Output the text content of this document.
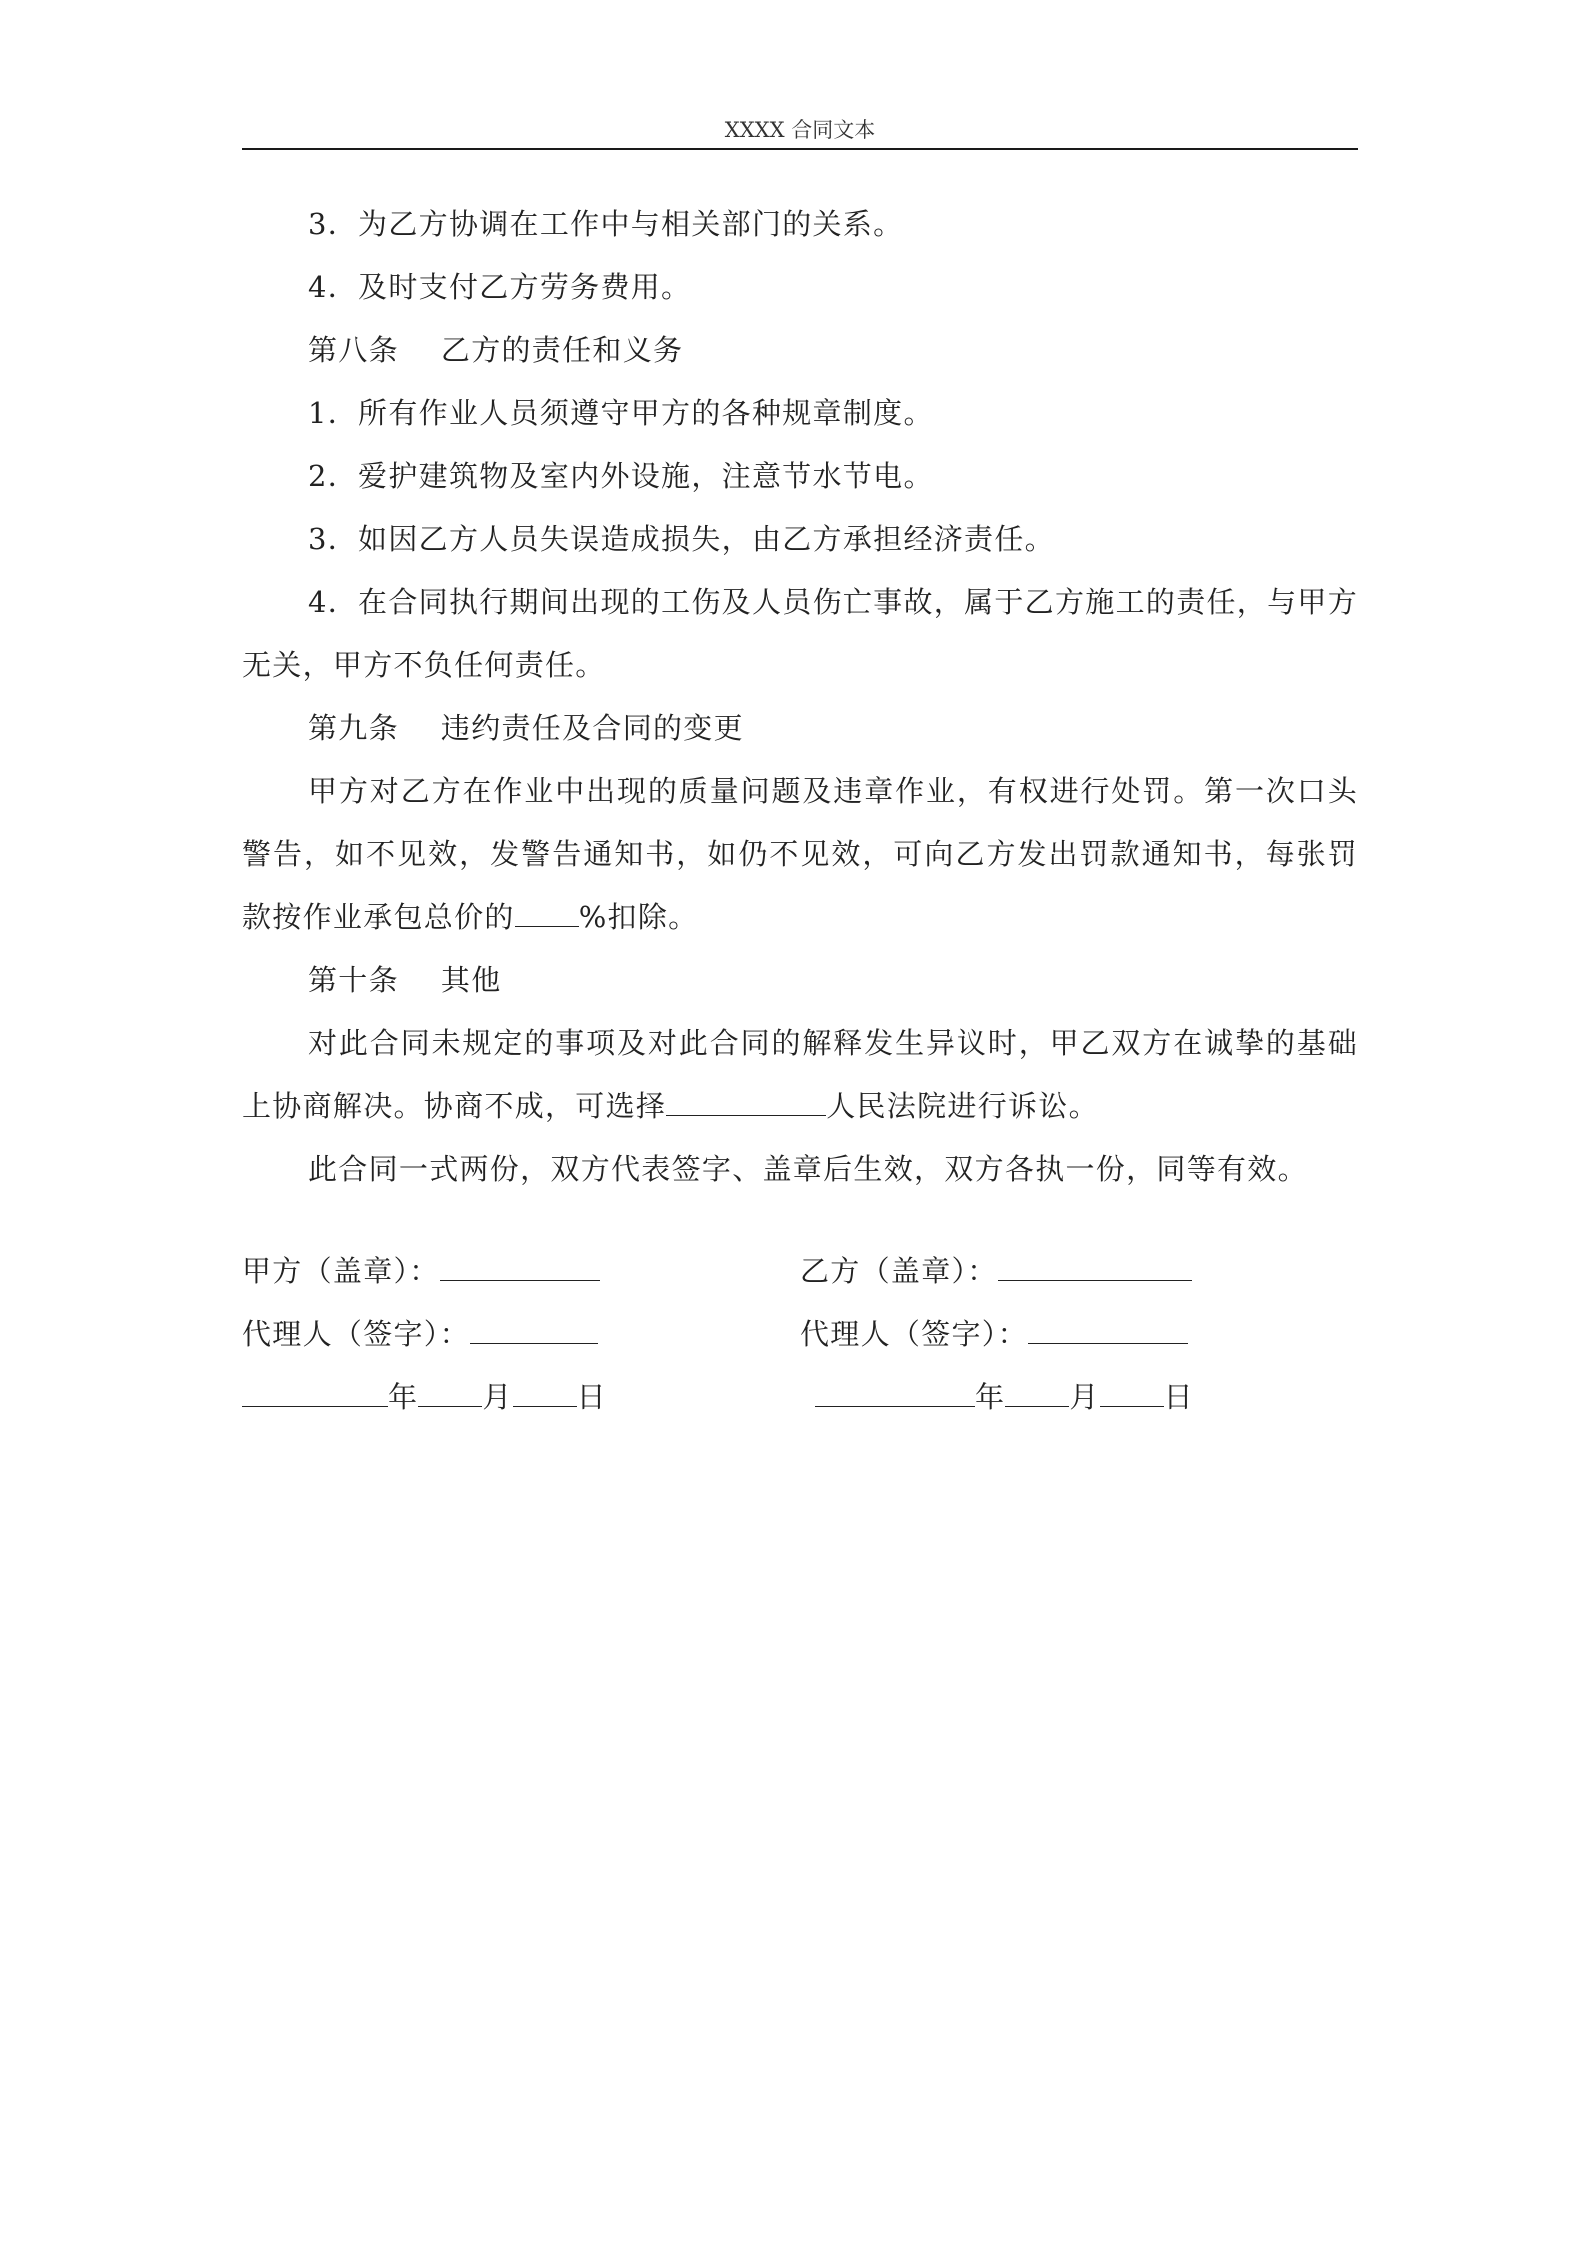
XXXX 合同文本

3．为乙方协调在工作中与相关部门的关系。

4．及时支付乙方劳务费用。

第八条 乙方的责任和义务

1．所有作业人员须遵守甲方的各种规章制度。

2．爱护建筑物及室内外设施，注意节水节电。

3．如因乙方人员失误造成损失，由乙方承担经济责任。

4．在合同执行期间出现的工伤及人员伤亡事故，属于乙方施工的责任，与甲方无关，甲方不负任何责任。

第九条 违约责任及合同的变更

甲方对乙方在作业中出现的质量问题及违章作业，有权进行处罚。第一次口头警告，如不见效，发警告通知书，如仍不见效，可向乙方发出罚款通知书，每张罚款按作业承包总价的 %扣除。

第十条 其他

对此合同未规定的事项及对此合同的解释发生异议时，甲乙双方在诚挚的基础上协商解决。协商不成，可选择	人民法院进行诉讼。

此合同一式两份，双方代表签字、盖章后生效，双方各执一份，同等有效。

甲方（盖章）：	乙方（盖章）：
代理人（签字）：	代理人（签字）：
年 月 日	年 月 日
